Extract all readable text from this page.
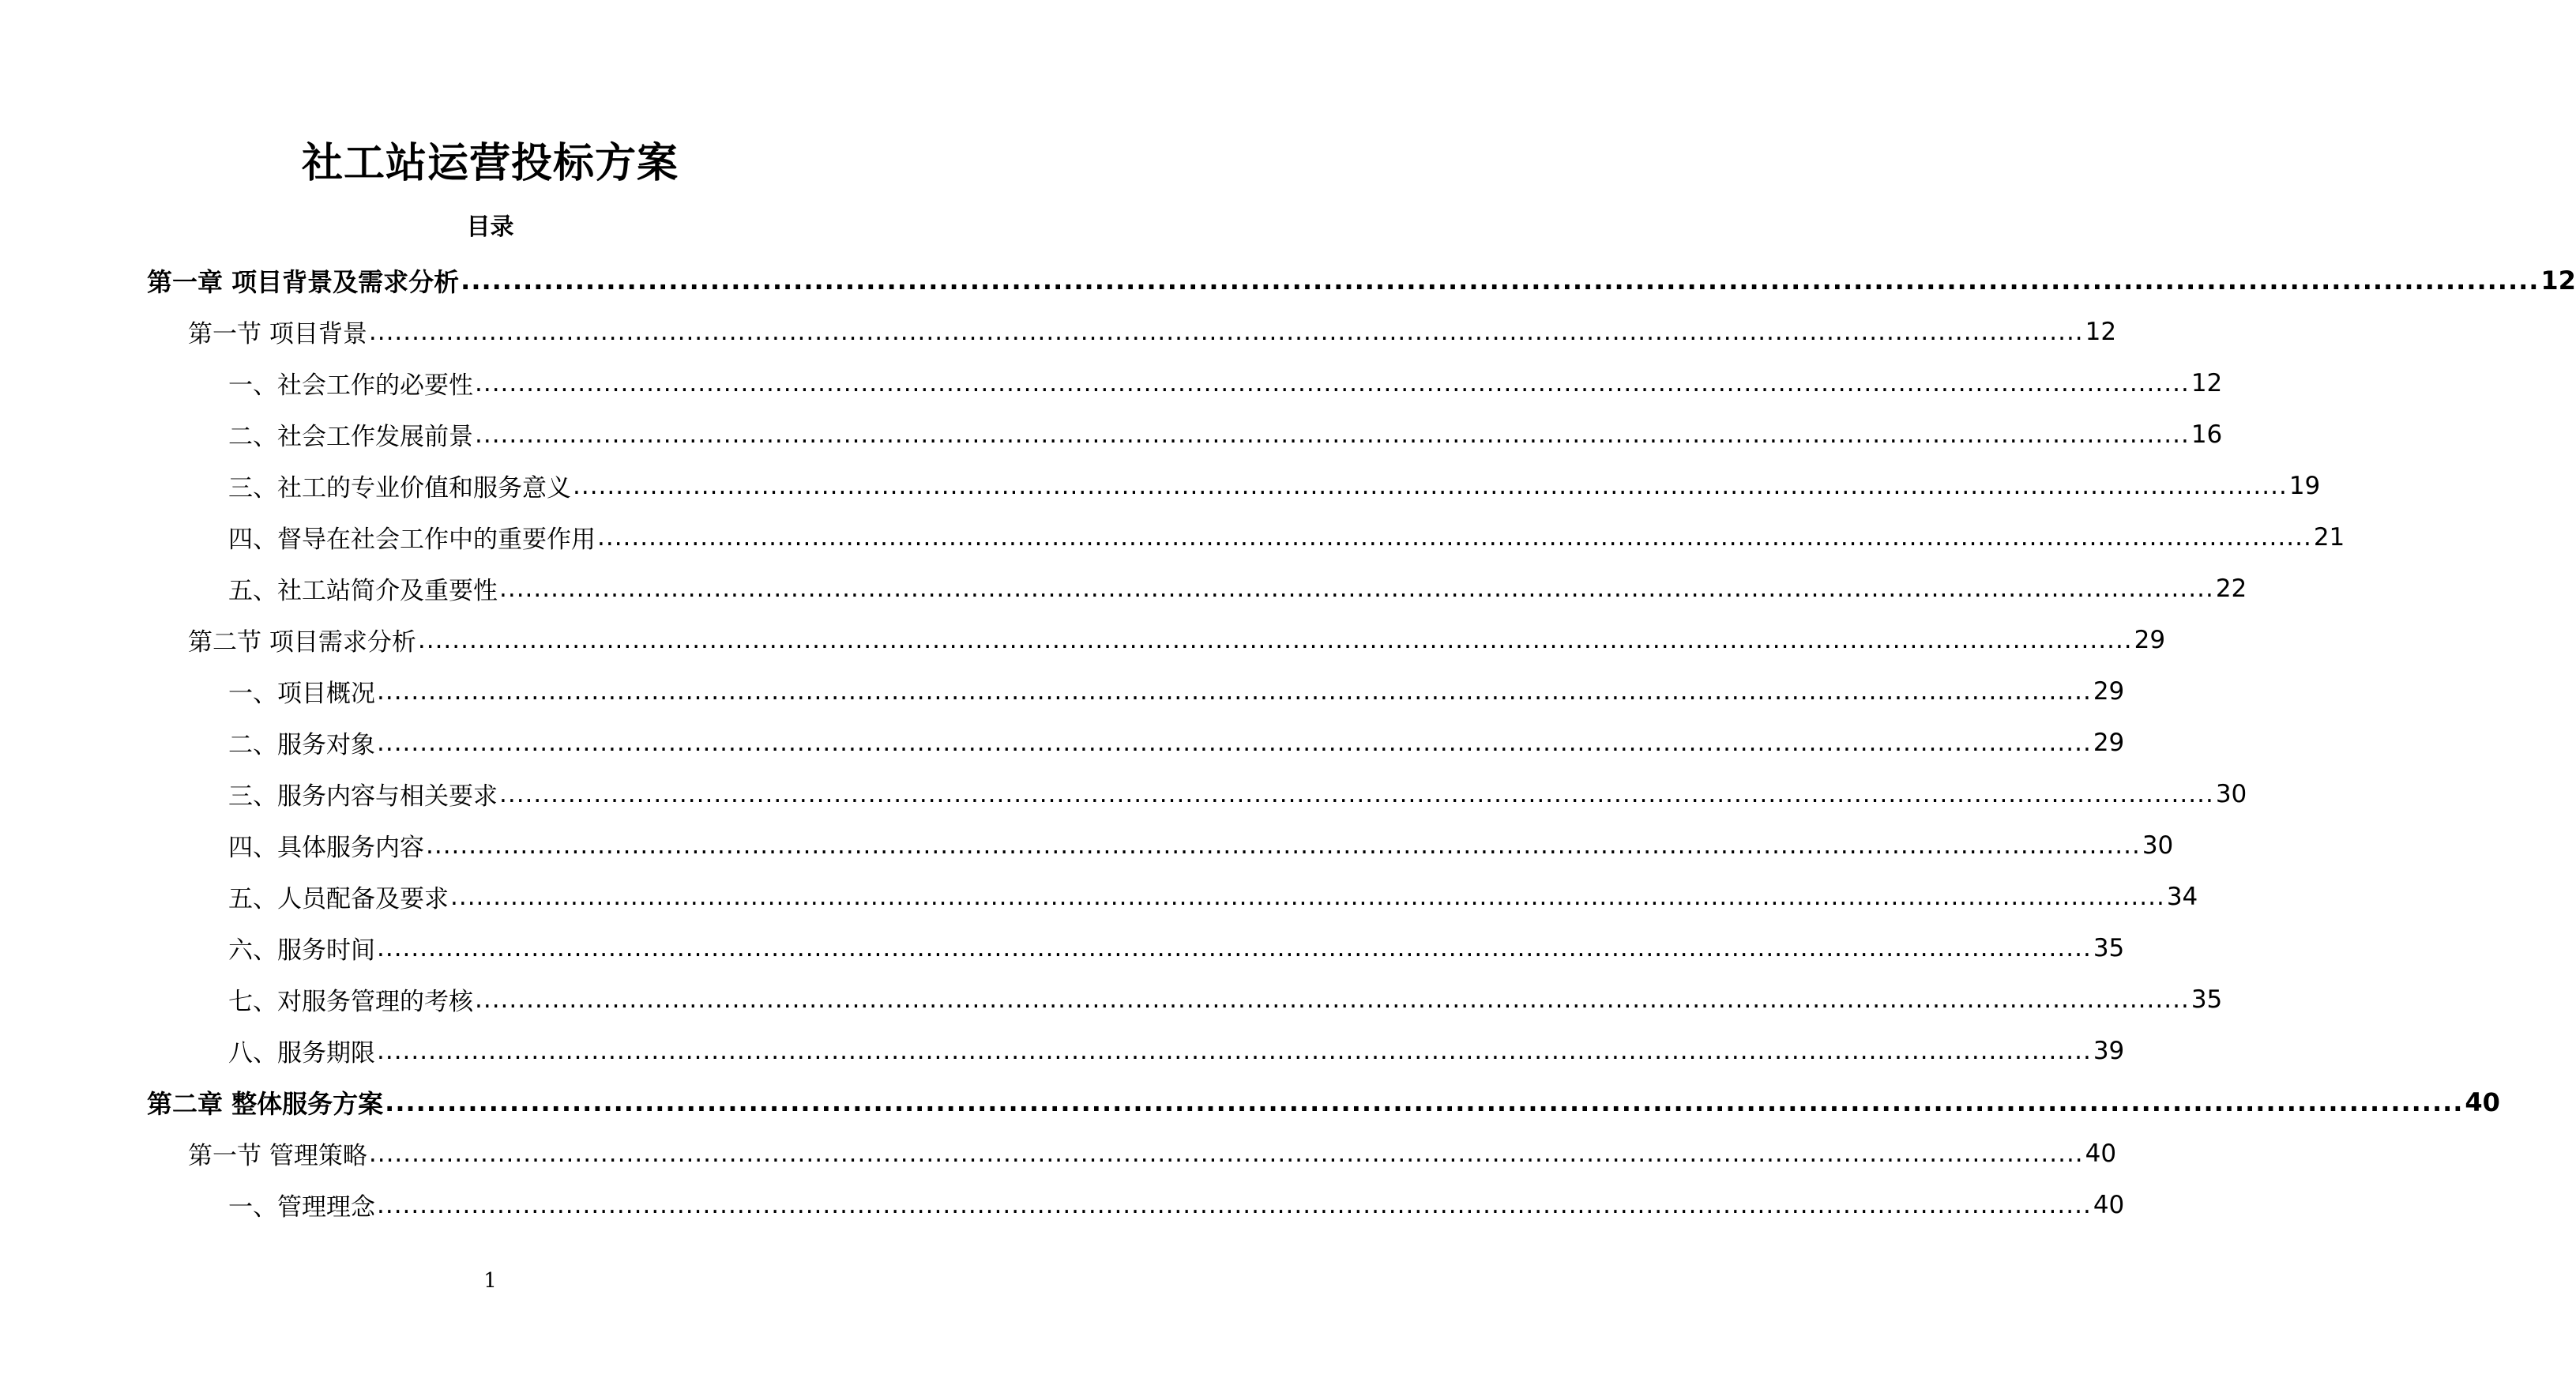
社工站运营投标方案
目录
第一章 项目背景及需求分析 ........................................................................................................................................................................................................ 12
第一节 项目背景 ........................................................................................................................................................................................................ 12
一、社会工作的必要性 ........................................................................................................................................................................................................ 12
二、社会工作发展前景 ........................................................................................................................................................................................................ 16
三、社工的专业价值和服务意义 ........................................................................................................................................................................................................ 19
四、督导在社会工作中的重要作用 ........................................................................................................................................................................................................ 21
五、社工站简介及重要性 ........................................................................................................................................................................................................ 22
第二节 项目需求分析 ........................................................................................................................................................................................................ 29
一、项目概况 ........................................................................................................................................................................................................ 29
二、服务对象 ........................................................................................................................................................................................................ 29
三、服务内容与相关要求 ........................................................................................................................................................................................................ 30
四、具体服务内容 ........................................................................................................................................................................................................ 30
五、人员配备及要求 ........................................................................................................................................................................................................ 34
六、服务时间 ........................................................................................................................................................................................................ 35
七、对服务管理的考核 ........................................................................................................................................................................................................ 35
八、服务期限 ........................................................................................................................................................................................................ 39
第二章 整体服务方案 ........................................................................................................................................................................................................ 40
第一节 管理策略 ........................................................................................................................................................................................................ 40
一、管理理念 ........................................................................................................................................................................................................ 40
1
